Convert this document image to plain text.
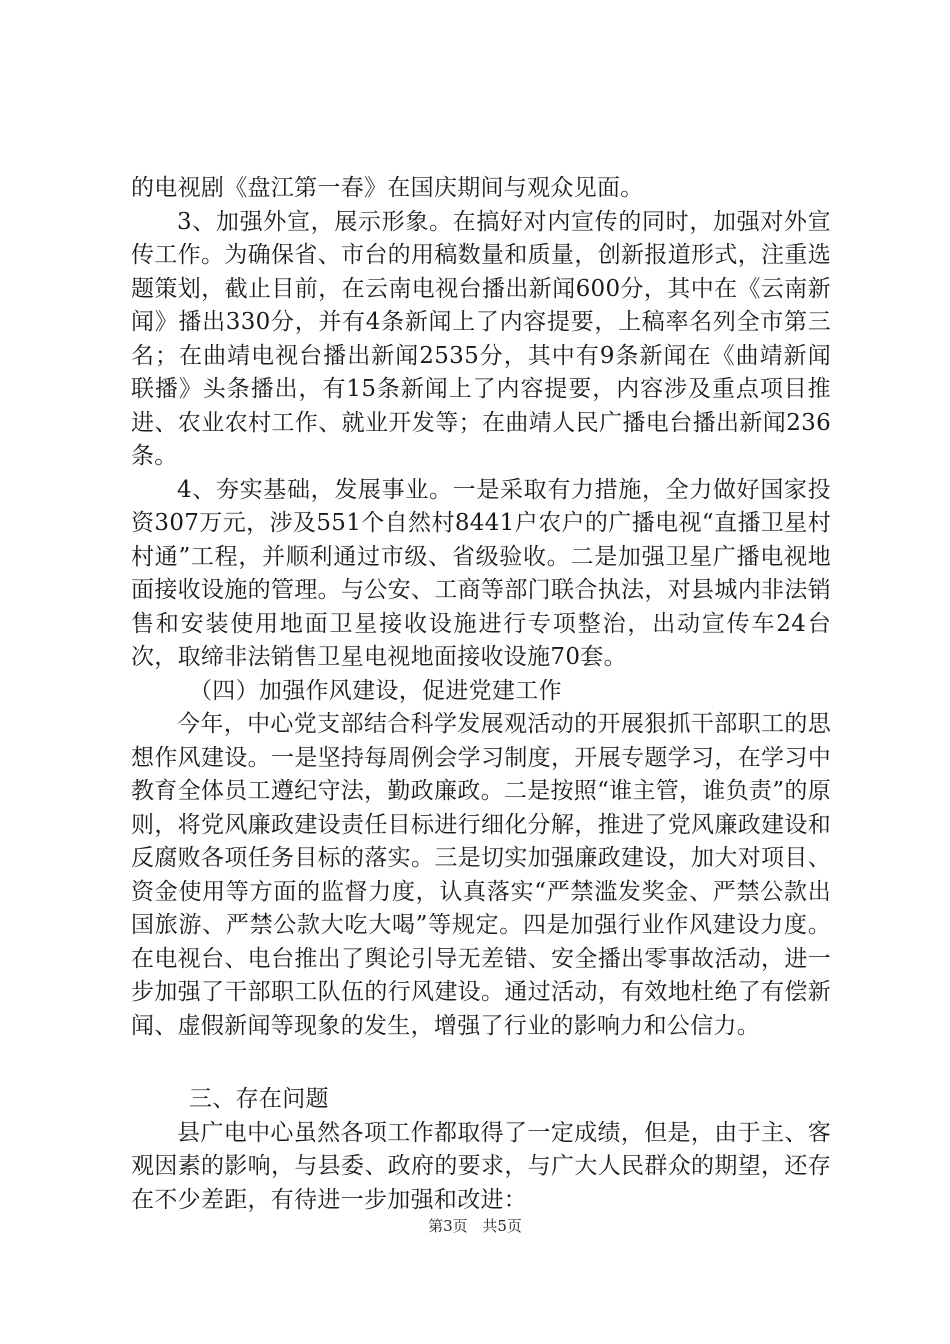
的电视剧《盘江第一春》在国庆期间与观众见面。

3、加强外宣，展示形象。在搞好对内宣传的同时，加强对外宣传工作。为确保省、市台的用稿数量和质量，创新报道形式，注重选题策划，截止目前，在云南电视台播出新闻600分，其中在《云南新闻》播出330分，并有4条新闻上了内容提要，上稿率名列全市第三名；在曲靖电视台播出新闻2535分，其中有9条新闻在《曲靖新闻联播》头条播出，有15条新闻上了内容提要，内容涉及重点项目推进、农业农村工作、就业开发等；在曲靖人民广播电台播出新闻236条。

4、夯实基础，发展事业。一是采取有力措施，全力做好国家投资307万元，涉及551个自然村8441户农户的广播电视“直播卫星村村通”工程，并顺利通过市级、省级验收。二是加强卫星广播电视地面接收设施的管理。与公安、工商等部门联合执法，对县城内非法销售和安装使用地面卫星接收设施进行专项整治，出动宣传车24台次，取缔非法销售卫星电视地面接收设施70套。

（四）加强作风建设，促进党建工作

今年，中心党支部结合科学发展观活动的开展狠抓干部职工的思想作风建设。一是坚持每周例会学习制度，开展专题学习，在学习中教育全体员工遵纪守法，勤政廉政。二是按照“谁主管，谁负责”的原则，将党风廉政建设责任目标进行细化分解，推进了党风廉政建设和反腐败各项任务目标的落实。三是切实加强廉政建设，加大对项目、资金使用等方面的监督力度，认真落实“严禁滥发奖金、严禁公款出国旅游、严禁公款大吃大喝”等规定。四是加强行业作风建设力度。在电视台、电台推出了舆论引导无差错、安全播出零事故活动，进一步加强了干部职工队伍的行风建设。通过活动，有效地杜绝了有偿新闻、虚假新闻等现象的发生，增强了行业的影响力和公信力。

三、存在问题

县广电中心虽然各项工作都取得了一定成绩，但是，由于主、客观因素的影响，与县委、政府的要求，与广大人民群众的期望，还存在不少差距，有待进一步加强和改进：

第3页 共5页
